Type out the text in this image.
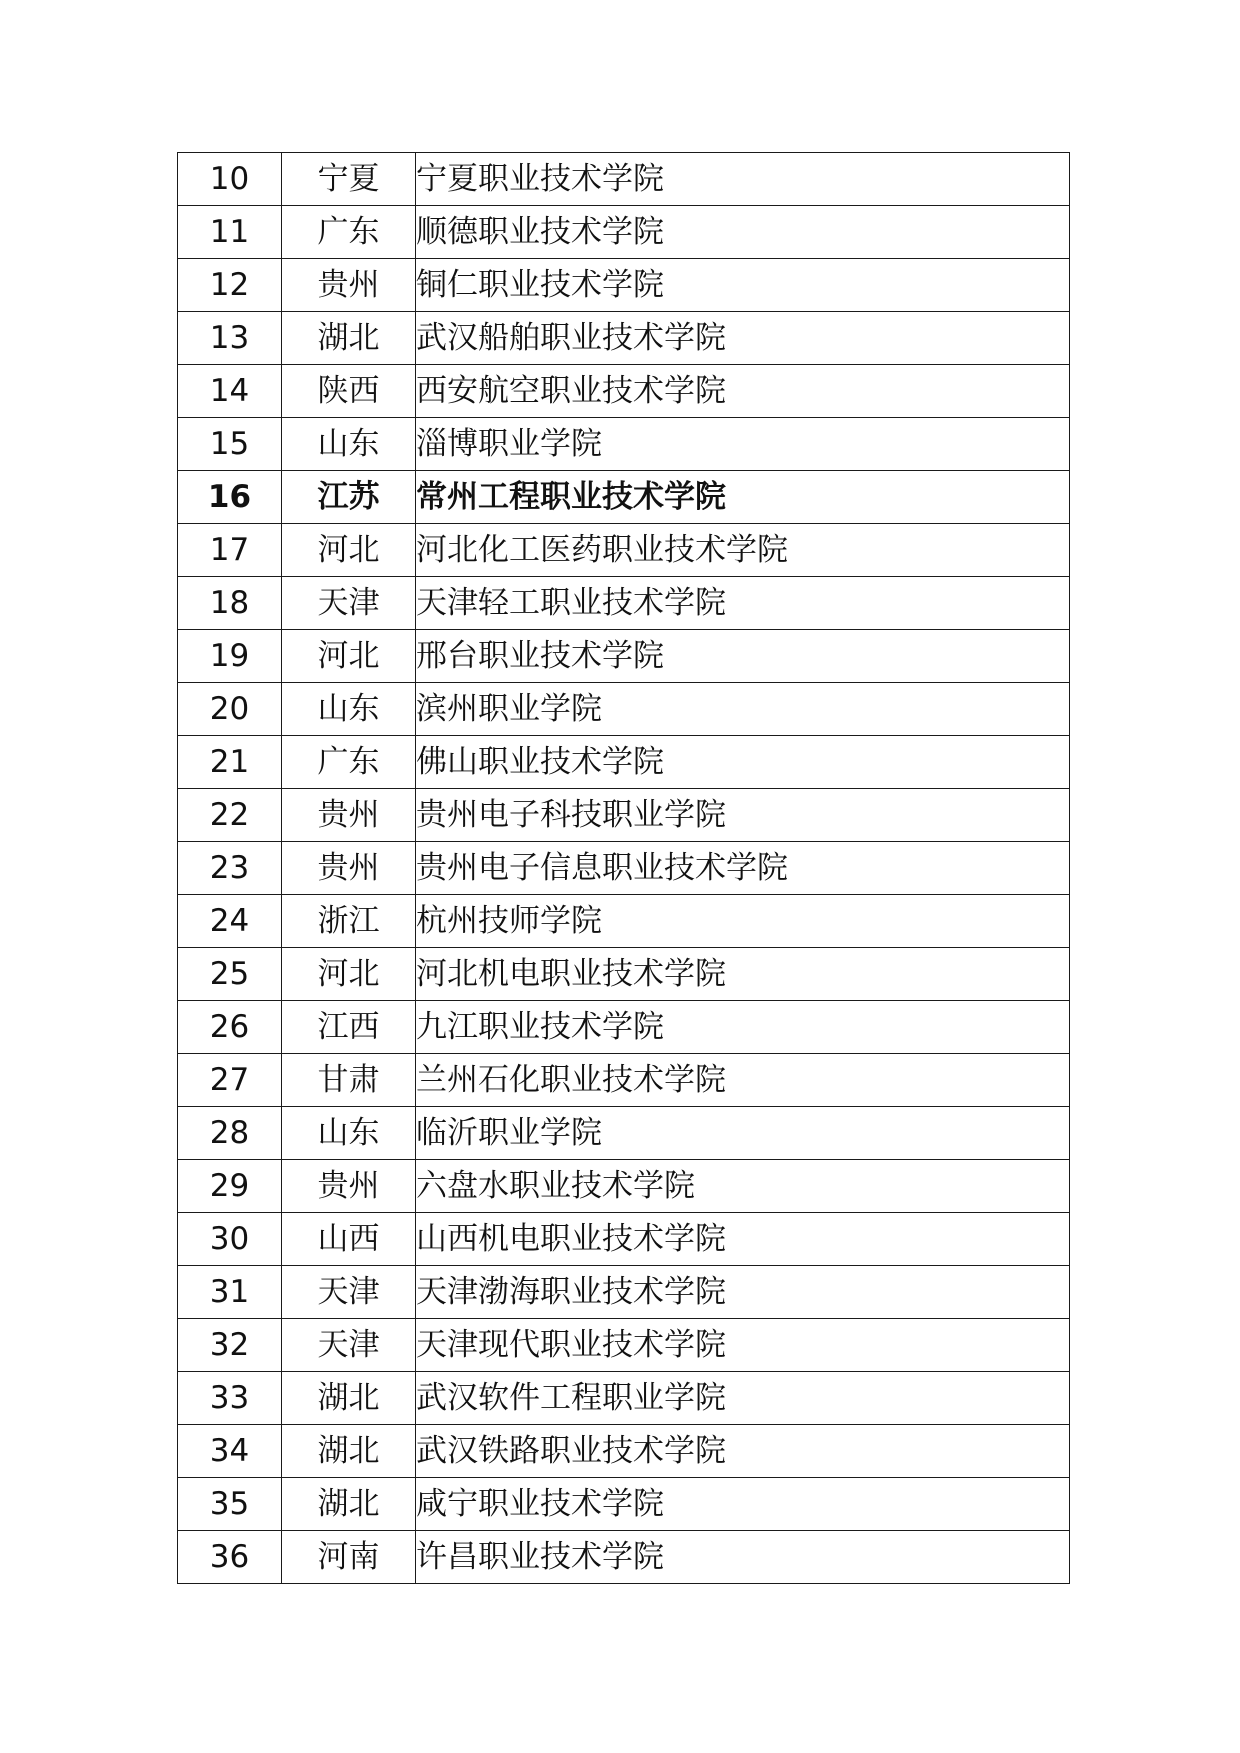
10	宁夏	宁夏职业技术学院
11	广东	顺德职业技术学院
12	贵州	铜仁职业技术学院
13	湖北	武汉船舶职业技术学院
14	陕西	西安航空职业技术学院
15	山东	淄博职业学院
16	江苏	常州工程职业技术学院
17	河北	河北化工医药职业技术学院
18	天津	天津轻工职业技术学院
19	河北	邢台职业技术学院
20	山东	滨州职业学院
21	广东	佛山职业技术学院
22	贵州	贵州电子科技职业学院
23	贵州	贵州电子信息职业技术学院
24	浙江	杭州技师学院
25	河北	河北机电职业技术学院
26	江西	九江职业技术学院
27	甘肃	兰州石化职业技术学院
28	山东	临沂职业学院
29	贵州	六盘水职业技术学院
30	山西	山西机电职业技术学院
31	天津	天津渤海职业技术学院
32	天津	天津现代职业技术学院
33	湖北	武汉软件工程职业学院
34	湖北	武汉铁路职业技术学院
35	湖北	咸宁职业技术学院
36	河南	许昌职业技术学院
